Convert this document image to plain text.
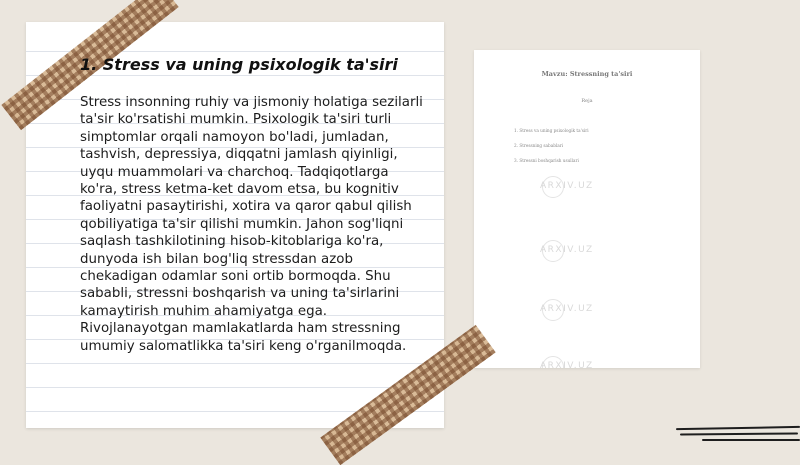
1. Stress va uning psixologik ta'siri

Stress insonning ruhiy va jismoniy holatiga sezilarli ta'sir ko'rsatishi mumkin. Psixologik ta'siri turli simptomlar orqali namoyon bo'ladi, jumladan, tashvish, depressiya, diqqatni jamlash qiyinligi, uyqu muammolari va charchoq. Tadqiqotlarga ko'ra, stress ketma-ket davom etsa, bu kognitiv faoliyatni pasaytirishi, xotira va qaror qabul qilish qobiliyatiga ta'sir qilishi mumkin. Jahon sog'liqni saqlash tashkilotining hisob-kitoblariga ko'ra, dunyoda ish bilan bog'liq stressdan azob chekadigan odamlar soni ortib bormoqda. Shu sababli, stressni boshqarish va uning ta'sirlarini kamaytirish muhim ahamiyatga ega. Rivojlanayotgan mamlakatlarda ham stressning umumiy salomatlikka ta'siri keng o'rganilmoqda.

Mavzu: Stressning ta'siri
Reja
1. Stress va uning psixologik ta'siri
2. Stressning sabablari
3. Stressni boshqarish usullari
ARXIV.UZ
ARXIV.UZ
ARXIV.UZ
ARXIV.UZ
